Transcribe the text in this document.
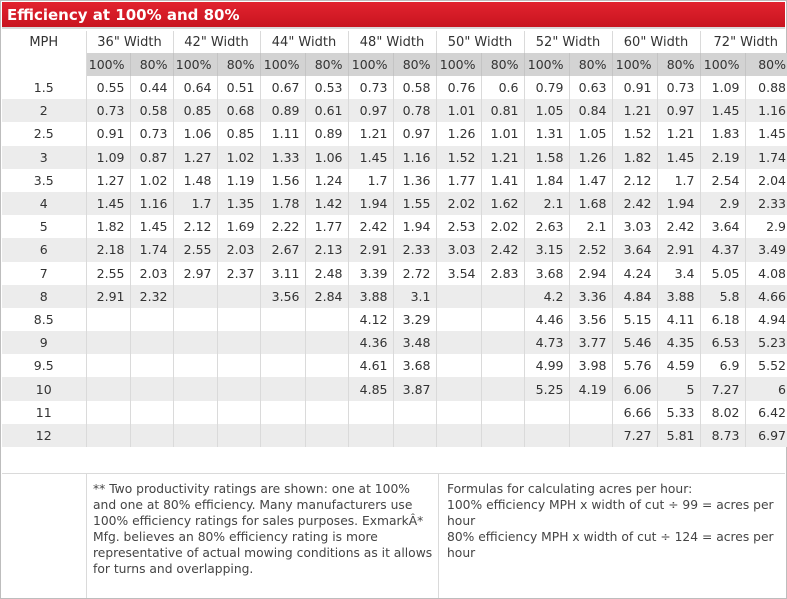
Efficiency at 100% and 80%
MPH	36" Width		42" Width		44" Width		48" Width		50" Width		52" Width		60" Width		72" Width	
	100%	80%	100%	80%	100%	80%	100%	80%	100%	80%	100%	80%	100%	80%	100%	80%
1.5	0.55	0.44	0.64	0.51	0.67	0.53	0.73	0.58	0.76	0.6	0.79	0.63	0.91	0.73	1.09	0.88
2	0.73	0.58	0.85	0.68	0.89	0.61	0.97	0.78	1.01	0.81	1.05	0.84	1.21	0.97	1.45	1.16
2.5	0.91	0.73	1.06	0.85	1.11	0.89	1.21	0.97	1.26	1.01	1.31	1.05	1.52	1.21	1.83	1.45
3	1.09	0.87	1.27	1.02	1.33	1.06	1.45	1.16	1.52	1.21	1.58	1.26	1.82	1.45	2.19	1.74
3.5	1.27	1.02	1.48	1.19	1.56	1.24	1.7	1.36	1.77	1.41	1.84	1.47	2.12	1.7	2.54	2.04
4	1.45	1.16	1.7	1.35	1.78	1.42	1.94	1.55	2.02	1.62	2.1	1.68	2.42	1.94	2.9	2.33
5	1.82	1.45	2.12	1.69	2.22	1.77	2.42	1.94	2.53	2.02	2.63	2.1	3.03	2.42	3.64	2.9
6	2.18	1.74	2.55	2.03	2.67	2.13	2.91	2.33	3.03	2.42	3.15	2.52	3.64	2.91	4.37	3.49
7	2.55	2.03	2.97	2.37	3.11	2.48	3.39	2.72	3.54	2.83	3.68	2.94	4.24	3.4	5.05	4.08
8	2.91	2.32			3.56	2.84	3.88	3.1			4.2	3.36	4.84	3.88	5.8	4.66
8.5							4.12	3.29			4.46	3.56	5.15	4.11	6.18	4.94
9							4.36	3.48			4.73	3.77	5.46	4.35	6.53	5.23
9.5							4.61	3.68			4.99	3.98	5.76	4.59	6.9	5.52
10							4.85	3.87			5.25	4.19	6.06	5	7.27	6
11													6.66	5.33	8.02	6.42
12													7.27	5.81	8.73	6.97
** Two productivity ratings are shown: one at 100% and one at 80% efficiency. Many manufacturers use 100% efficiency ratings for sales purposes. ExmarkÂ* Mfg. believes an 80% efficiency rating is more representative of actual mowing conditions as it allows for turns and overlapping.
Formulas for calculating acres per hour:
100% efficiency MPH x width of cut ÷ 99 = acres per hour
80% efficiency MPH x width of cut ÷ 124 = acres per hour
